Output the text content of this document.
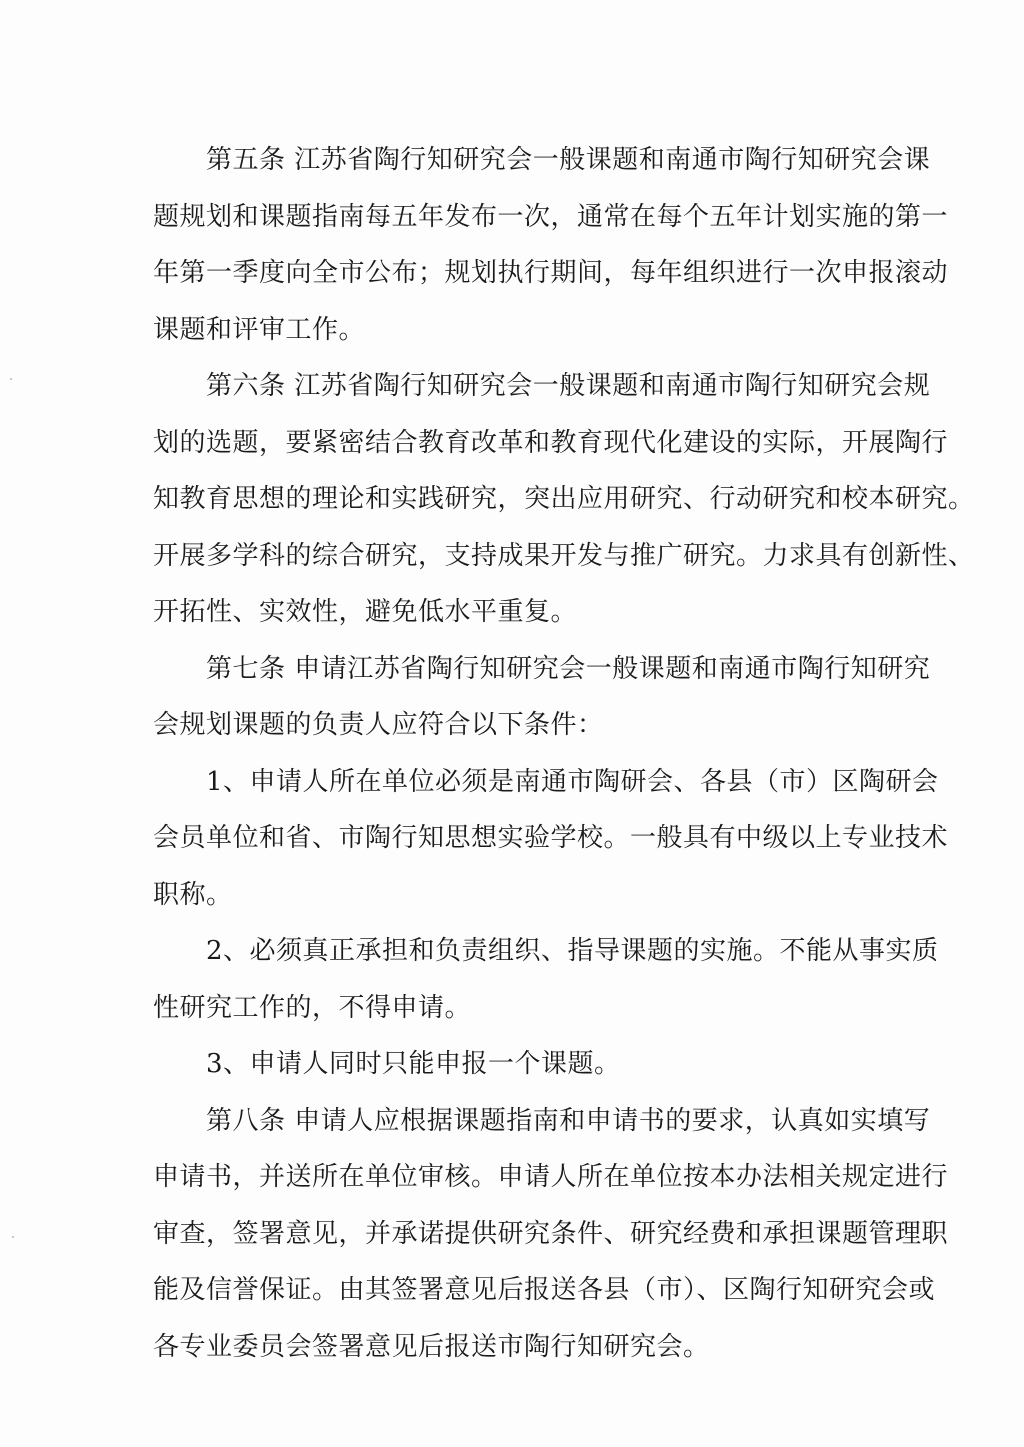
第五条 江苏省陶行知研究会一般课题和南通市陶行知研究会课
题规划和课题指南每五年发布一次，通常在每个五年计划实施的第一
年第一季度向全市公布；规划执行期间，每年组织进行一次申报滚动
课题和评审工作。
第六条 江苏省陶行知研究会一般课题和南通市陶行知研究会规
划的选题，要紧密结合教育改革和教育现代化建设的实际，开展陶行
知教育思想的理论和实践研究，突出应用研究、行动研究和校本研究。
开展多学科的综合研究，支持成果开发与推广研究。力求具有创新性、
开拓性、实效性，避免低水平重复。
第七条 申请江苏省陶行知研究会一般课题和南通市陶行知研究
会规划课题的负责人应符合以下条件：
1、申请人所在单位必须是南通市陶研会、各县（市）区陶研会
会员单位和省、市陶行知思想实验学校。一般具有中级以上专业技术
职称。
2、必须真正承担和负责组织、指导课题的实施。不能从事实质
性研究工作的，不得申请。
3、申请人同时只能申报一个课题。
第八条 申请人应根据课题指南和申请书的要求，认真如实填写
申请书，并送所在单位审核。申请人所在单位按本办法相关规定进行
审查，签署意见，并承诺提供研究条件、研究经费和承担课题管理职
能及信誉保证。由其签署意见后报送各县（市）、区陶行知研究会或
各专业委员会签署意见后报送市陶行知研究会。
